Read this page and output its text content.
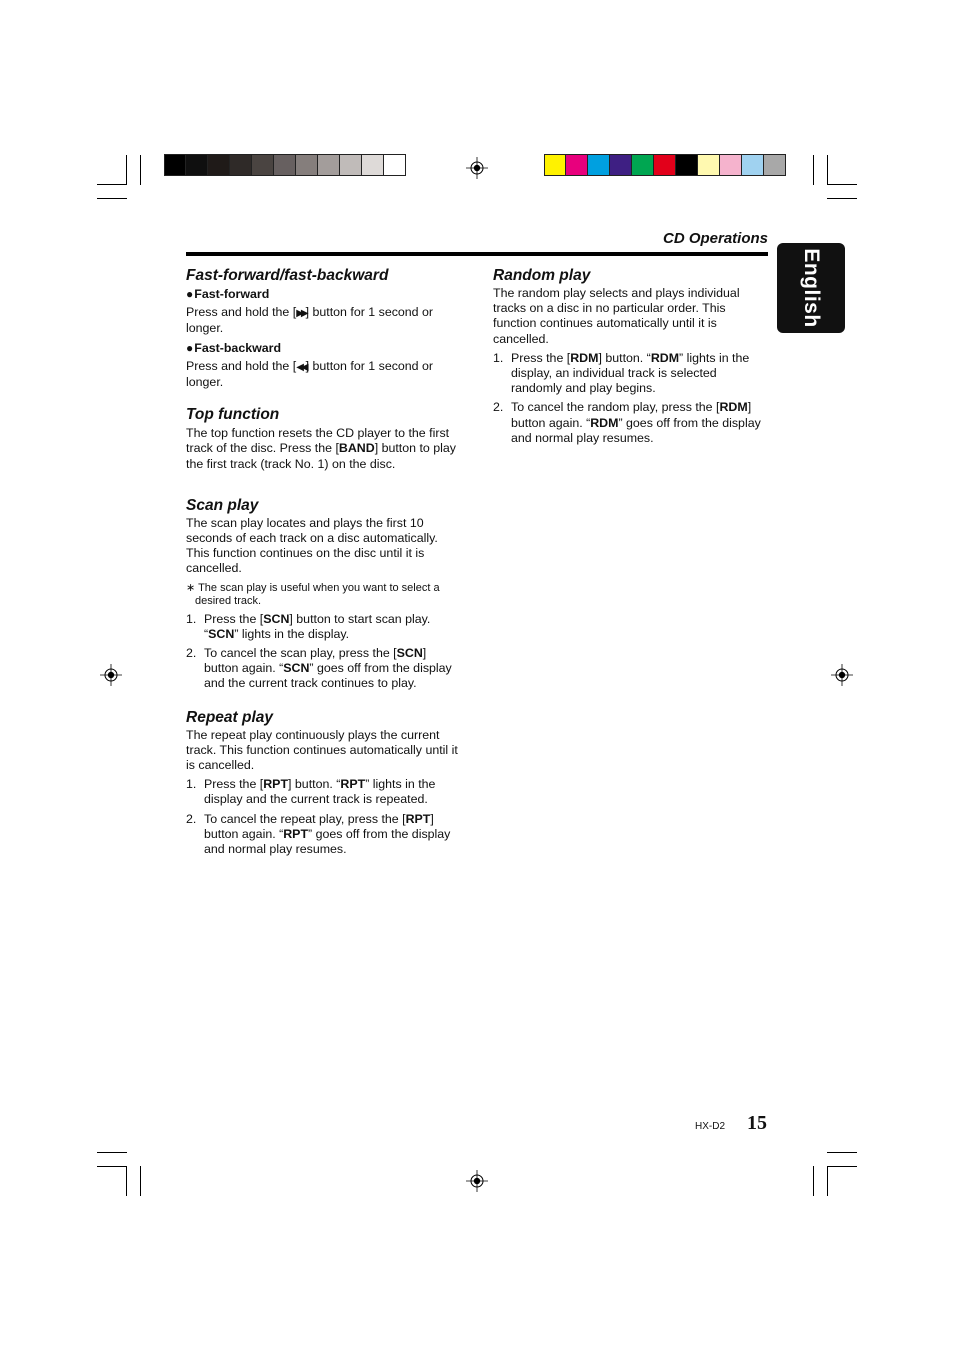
CD Operations
English
Fast-forward/fast-backward
●Fast-forward

Press and hold the [▶▶] button for 1 second or longer.

●Fast-backward

Press and hold the [◀◀] button for 1 second or longer.

Top function

The top function resets the CD player to the first track of the disc. Press the [BAND] button to play the first track (track No. 1) on the disc.

Scan play

The scan play locates and plays the first 10 seconds of each track on a disc automatically. This function continues on the disc until it is cancelled.

∗ The scan play is useful when you want to select a desired track.

1. Press the [SCN] button to start scan play. “SCN” lights in the display.
2. To cancel the scan play, press the [SCN] button again. “SCN” goes off from the display and the current track continues to play.
Repeat play

The repeat play continuously plays the current track. This function continues automatically until it is cancelled.

1. Press the [RPT] button. “RPT” lights in the display and the current track is repeated.
2. To cancel the repeat play, press the [RPT] button again. “RPT” goes off from the display and normal play resumes.
Random play

The random play selects and plays individual tracks on a disc in no particular order. This function continues automatically until it is cancelled.

1. Press the [RDM] button. “RDM” lights in the display, an individual track is selected randomly and play begins.
2. To cancel the random play, press the [RDM] button again. “RDM” goes off from the display and normal play resumes.
HX-D2 15
